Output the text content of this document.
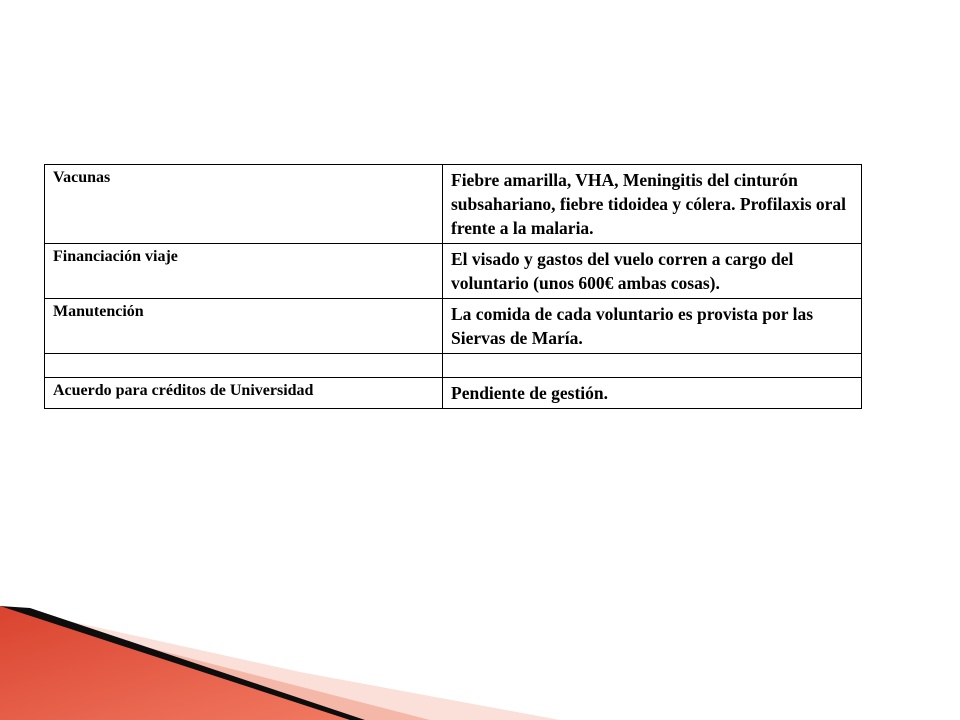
Vacunas	Fiebre amarilla, VHA, Meningitis del cinturón subsahariano, fiebre tidoidea y cólera. Profilaxis oral frente a la malaria.
Financiación viaje	El visado y gastos del vuelo corren a cargo del voluntario (unos 600€ ambas cosas).
Manutención	La comida de cada voluntario es provista por las Siervas de María.

Acuerdo para créditos de Universidad	Pendiente de gestión.
